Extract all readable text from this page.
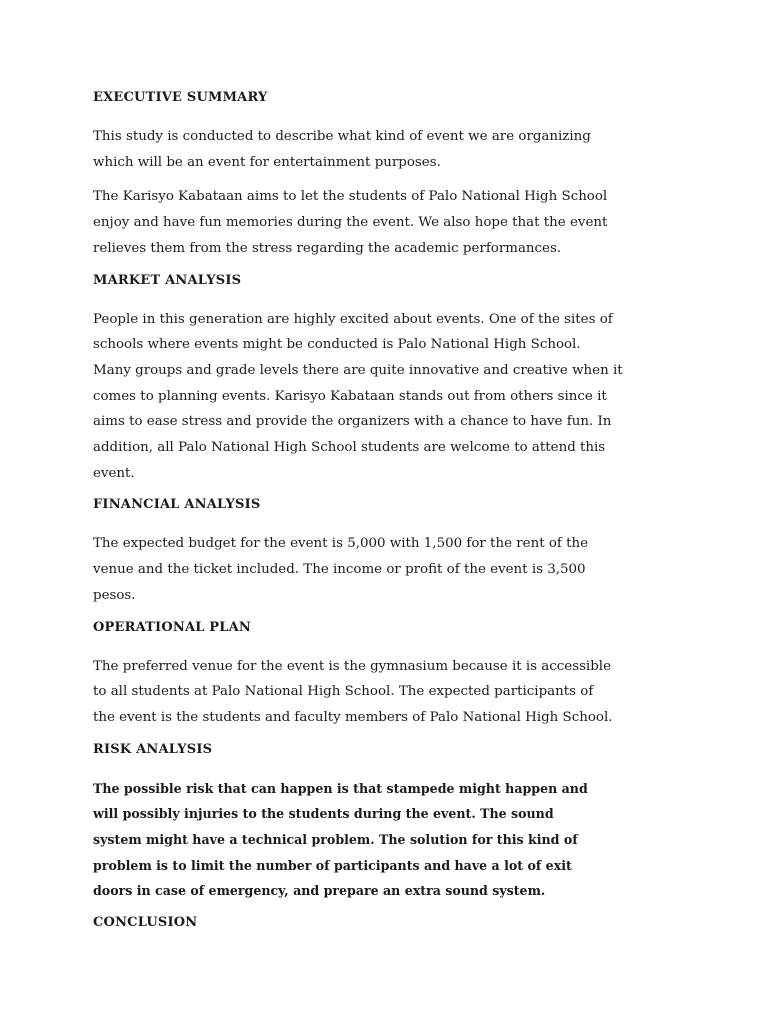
EXECUTIVE SUMMARY
This study is conducted to describe what kind of event we are organizing
which will be an event for entertainment purposes.
The Karisyo Kabataan aims to let the students of Palo National High School
enjoy and have fun memories during the event. We also hope that the event
relieves them from the stress regarding the academic performances.
MARKET ANALYSIS
People in this generation are highly excited about events. One of the sites of
schools where events might be conducted is Palo National High School.
Many groups and grade levels there are quite innovative and creative when it
comes to planning events. Karisyo Kabataan stands out from others since it
aims to ease stress and provide the organizers with a chance to have fun. In
addition, all Palo National High School students are welcome to attend this
event.
FINANCIAL ANALYSIS
The expected budget for the event is 5,000 with 1,500 for the rent of the
venue and the ticket included. The income or profit of the event is 3,500
pesos.
OPERATIONAL PLAN
The preferred venue for the event is the gymnasium because it is accessible
to all students at Palo National High School. The expected participants of
the event is the students and faculty members of Palo National High School.
RISK ANALYSIS
The possible risk that can happen is that stampede might happen and
will possibly injuries to the students during the event. The sound
system might have a technical problem. The solution for this kind of
problem is to limit the number of participants and have a lot of exit
doors in case of emergency, and prepare an extra sound system.
CONCLUSION
